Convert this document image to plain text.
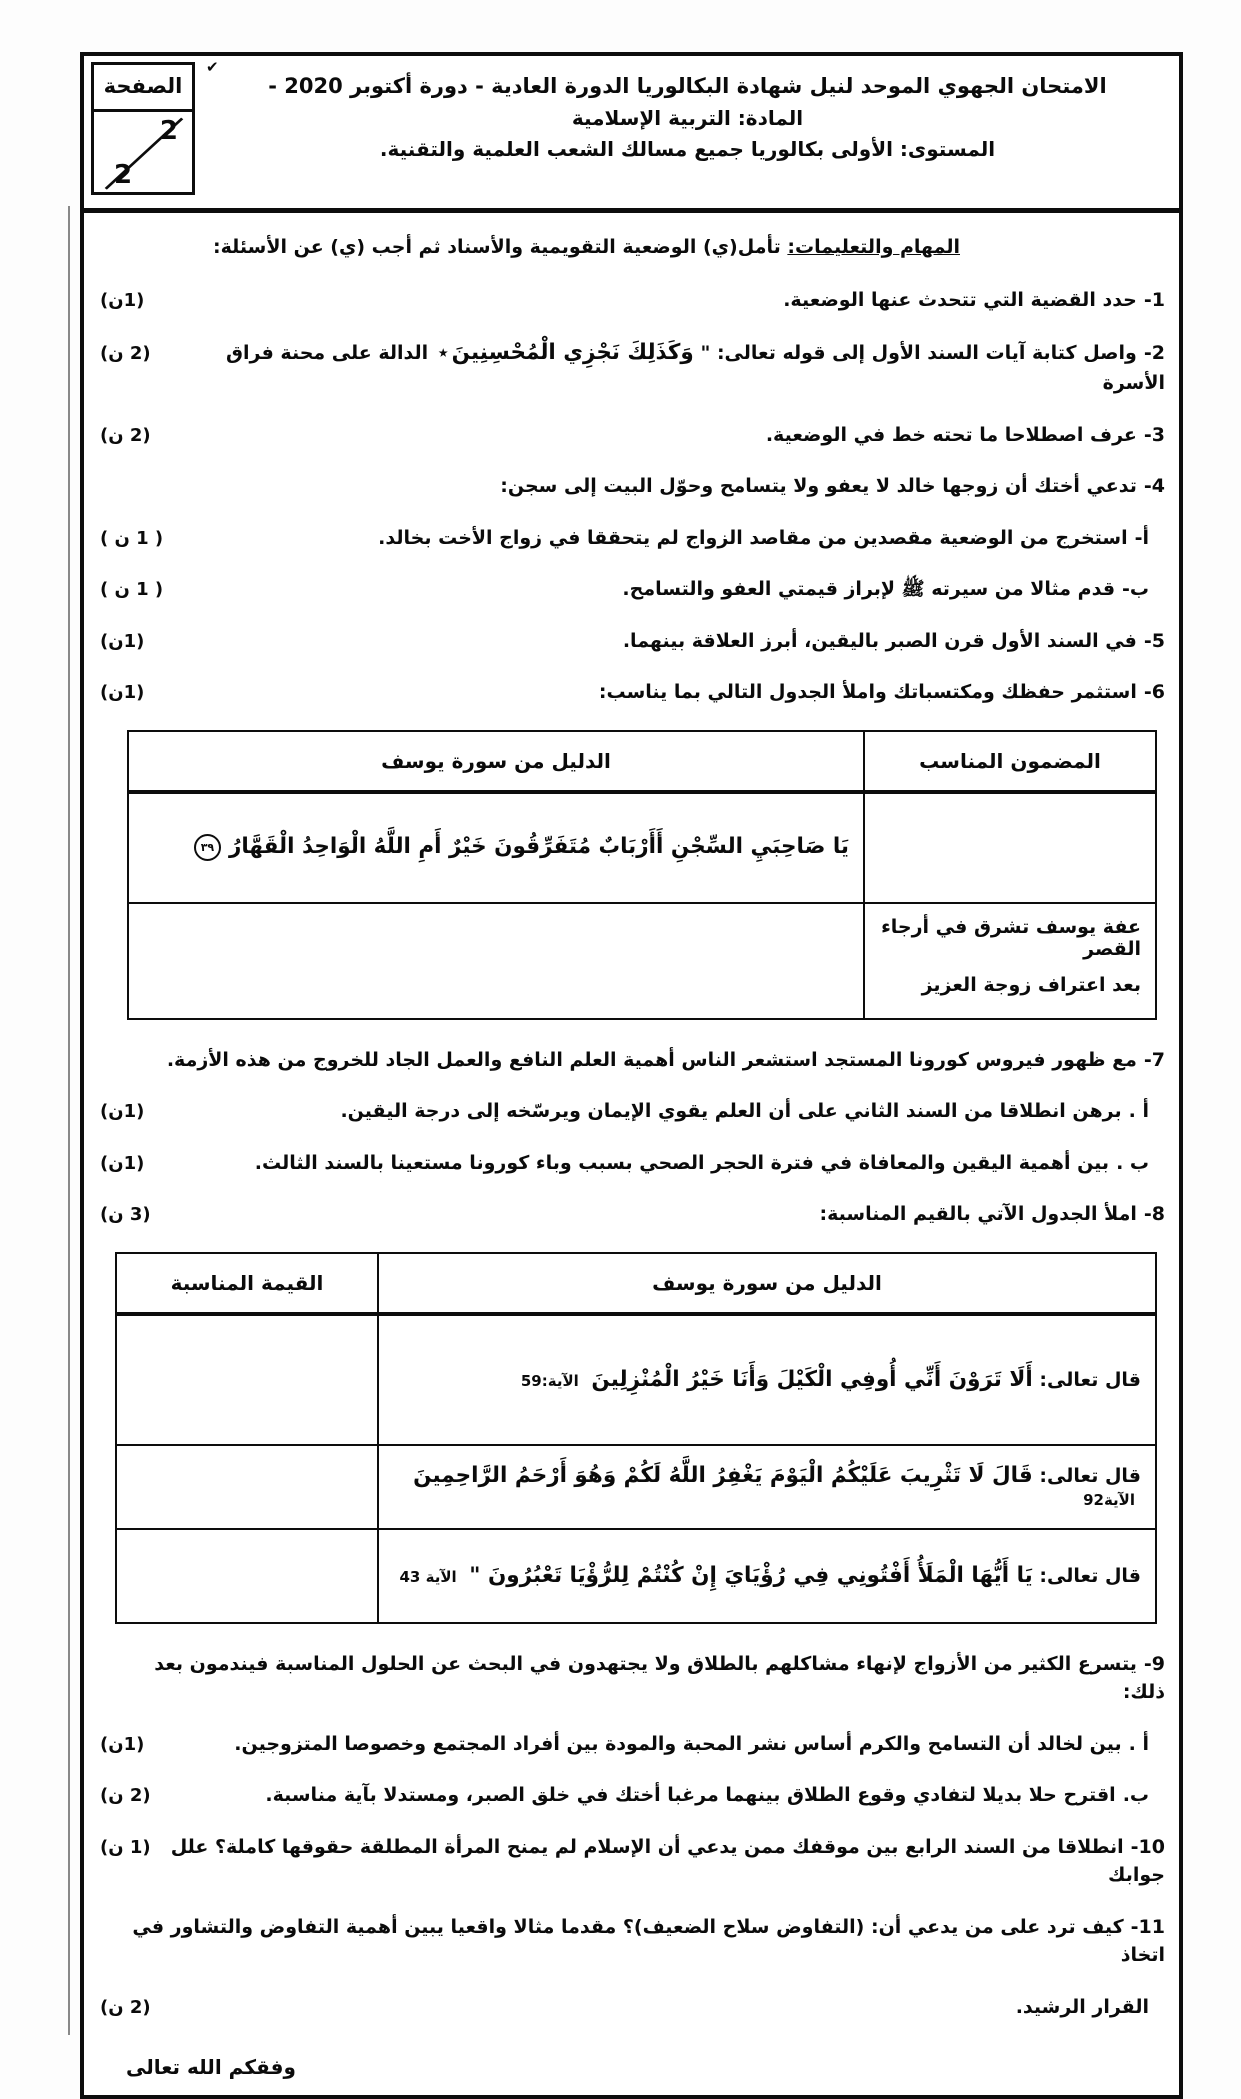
الصفحة
2
2
✔

الامتحان الجهوي الموحد لنيل شهادة البكالوريا الدورة العادية - دورة أكتوبر 2020 -

المادة: التربية الإسلامية

المستوى: الأولى بكالوريا جميع مسالك الشعب العلمية والتقنية.

المهام والتعليمات: تأمل(ي) الوضعية التقويمية والأسناد ثم أجب (ي) عن الأسئلة:
1-حدد القضية التي تتحدث عنها الوضعية.
(1ن)
2-واصل كتابة آيات السند الأول إلى قوله تعالى: " وَكَذَلِكَ نَجْزِي الْمُحْسِنِينَ٭ الدالة على محنة فراق الأسرة
(2 ن)
3-عرف اصطلاحا ما تحته خط في الوضعية.
(2 ن)
4-تدعي أختك أن زوجها خالد لا يعفو ولا يتسامح وحوّل البيت إلى سجن:
أ-استخرج من الوضعية مقصدين من مقاصد الزواج لم يتحققا في زواج الأخت بخالد.
( 1 ن )
ب-قدم مثالا من سيرته ﷺ لإبراز قيمتي العفو والتسامح.
( 1 ن )
5-في السند الأول قرن الصبر باليقين، أبرز العلاقة بينهما.
(1ن)
6-استثمر حفظك ومكتسباتك واملأ الجدول التالي بما يناسب:
(1ن)
المضمون المناسب	الدليل من سورة يوسف
	يَا صَاحِبَيِ السِّجْنِ أَأَرْبَابٌ مُتَفَرِّقُونَ خَيْرٌ أَمِ اللَّهُ الْوَاحِدُ الْقَهَّارُ٣٩

عفة يوسف تشرق في أرجاء القصر
بعد اعتراف زوجة العزيز	

7-مع ظهور فيروس كورونا المستجد استشعر الناس أهمية العلم النافع والعمل الجاد للخروج من هذه الأزمة.
أ .برهن انطلاقا من السند الثاني على أن العلم يقوي الإيمان ويرسّخه إلى درجة اليقين.
(1ن)
ب .بين أهمية اليقين والمعافاة في فترة الحجر الصحي بسبب وباء كورونا مستعينا بالسند الثالث.
(1ن)
8-املأ الجدول الآتي بالقيم المناسبة:
(3 ن)
الدليل من سورة يوسف	القيمة المناسبة
قال تعالى: أَلَا تَرَوْنَ أَنِّي أُوفِي الْكَيْلَ وَأَنَا خَيْرُ الْمُنْزِلِينَ الآية:59	
قال تعالى: قَالَ لَا تَثْرِيبَ عَلَيْكُمُ الْيَوْمَ يَغْفِرُ اللَّهُ لَكُمْ وَهُوَ أَرْحَمُ الرَّاحِمِينَ الآية92	
قال تعالى: يَا أَيُّهَا الْمَلَأُ أَفْتُونِي فِي رُؤْيَايَ إِنْ كُنْتُمْ لِلرُّؤْيَا تَعْبُرُونَ " الآية 43	
9-يتسرع الكثير من الأزواج لإنهاء مشاكلهم بالطلاق ولا يجتهدون في البحث عن الحلول المناسبة فيندمون بعد ذلك:
أ .بين لخالد أن التسامح والكرم أساس نشر المحبة والمودة بين أفراد المجتمع وخصوصا المتزوجين.
(1ن)
ب.اقترح حلا بديلا لتفادي وقوع الطلاق بينهما مرغبا أختك في خلق الصبر، ومستدلا بآية مناسبة.
(2 ن)
10-انطلاقا من السند الرابع بين موقفك ممن يدعي أن الإسلام لم يمنح المرأة المطلقة حقوقها كاملة؟ علل جوابك
(1 ن)
11-كيف ترد على من يدعي أن: (التفاوض سلاح الضعيف)؟ مقدما مثالا واقعيا يبين أهمية التفاوض والتشاور في اتخاذ
القرار الرشيد.
(2 ن)
وفقكم الله تعالى
